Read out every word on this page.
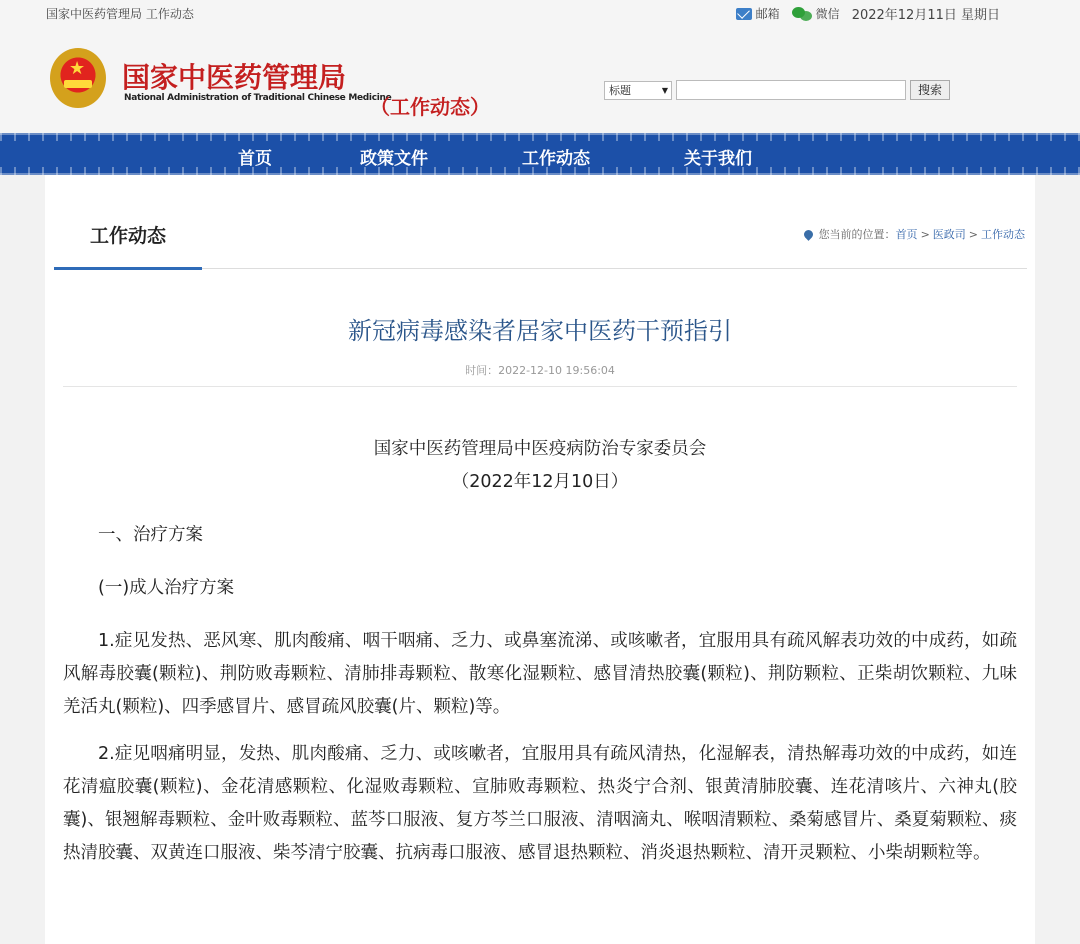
国家中医药管理局 工作动态	邮箱	微信 2022年12月11日 星期日
★
国家中医药管理局
National Administration of Traditional Chinese Medicine
（工作动态）
标题 ▼	搜索
首页	政策文件	工作动态	关于我们
工作动态	您当前的位置： 首页 > 医政司 > 工作动态
新冠病毒感染者居家中医药干预指引
时间：2022-12-10 19:56:04
国家中医药管理局中医疫病防治专家委员会
（2022年12月10日）

一、治疗方案

(一)成人治疗方案

1.症见发热、恶风寒、肌肉酸痛、咽干咽痛、乏力、或鼻塞流涕、或咳嗽者，宜服用具有疏风解表功效的中成药，如疏风解毒胶囊(颗粒)、荆防败毒颗粒、清肺排毒颗粒、散寒化湿颗粒、感冒清热胶囊(颗粒)、荆防颗粒、正柴胡饮颗粒、九味羌活丸(颗粒)、四季感冒片、感冒疏风胶囊(片、颗粒)等。

2.症见咽痛明显，发热、肌肉酸痛、乏力、或咳嗽者，宜服用具有疏风清热，化湿解表，清热解毒功效的中成药，如连花清瘟胶囊(颗粒)、金花清感颗粒、化湿败毒颗粒、宣肺败毒颗粒、热炎宁合剂、银黄清肺胶囊、连花清咳片、六神丸(胶囊)、银翘解毒颗粒、金叶败毒颗粒、蓝芩口服液、复方芩兰口服液、清咽滴丸、喉咽清颗粒、桑菊感冒片、桑夏菊颗粒、痰热清胶囊、双黄连口服液、柴芩清宁胶囊、抗病毒口服液、感冒退热颗粒、消炎退热颗粒、清开灵颗粒、小柴胡颗粒等。
